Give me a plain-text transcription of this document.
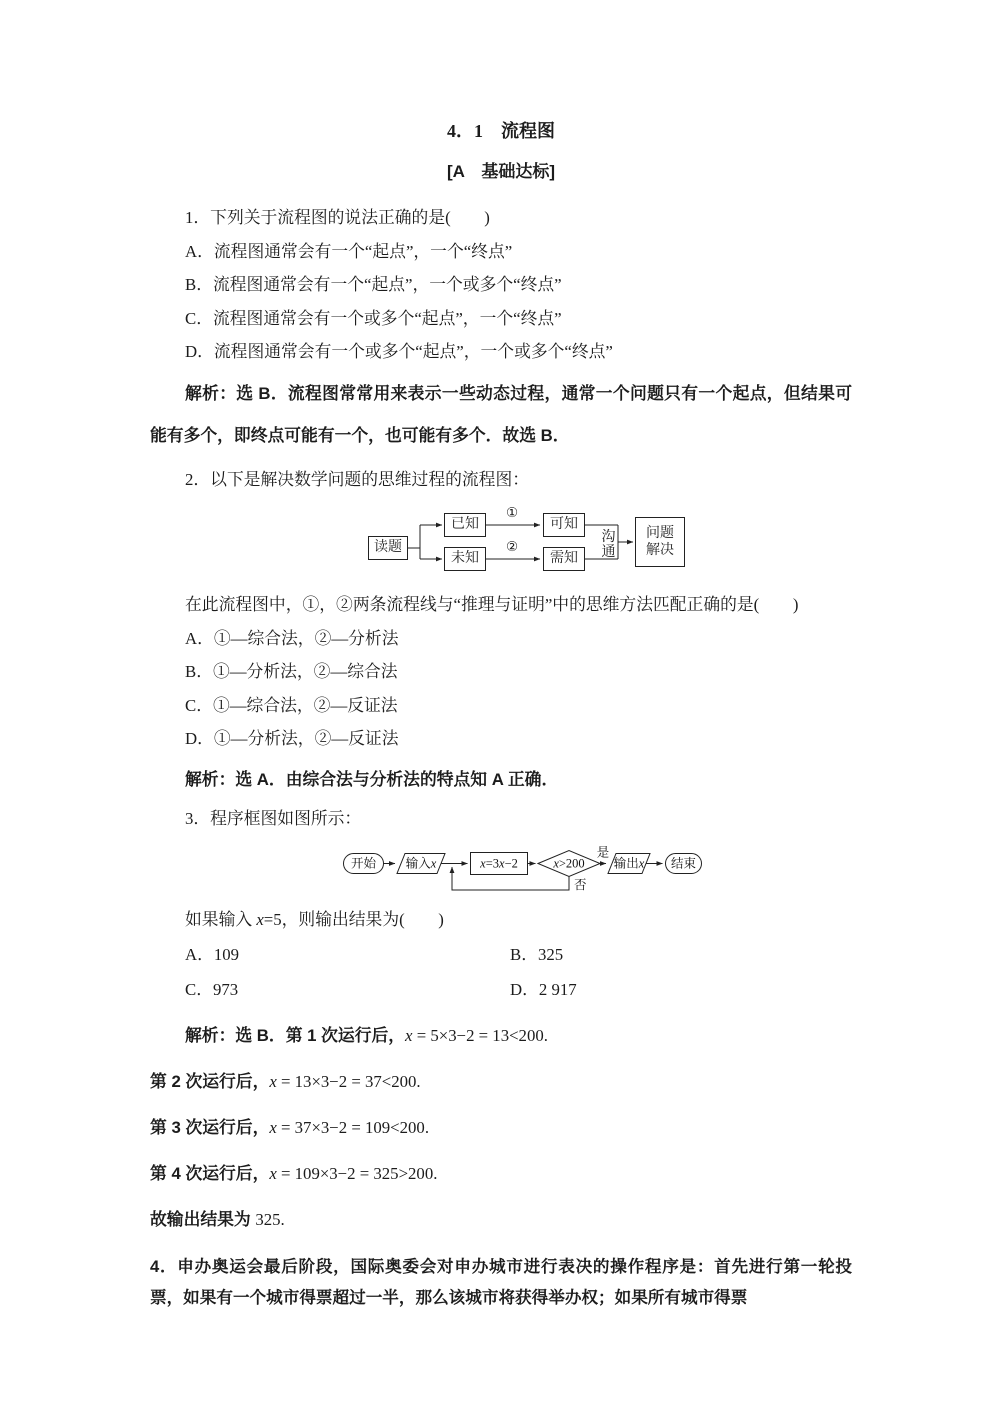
4．1　流程图
[A　基础达标]

1．下列关于流程图的说法正确的是(　　)

A．流程图通常会有一个“起点”，一个“终点”

B．流程图通常会有一个“起点”，一个或多个“终点”

C．流程图通常会有一个或多个“起点”，一个“终点”

D．流程图通常会有一个或多个“起点”，一个或多个“终点”

解析：选 B．流程图常常用来表示一些动态过程，通常一个问题只有一个起点，但结果可能有多个，即终点可能有一个，也可能有多个．故选 B．

2．以下是解决数学问题的思维过程的流程图：

读题
已知
未知
①
②
可知
需知
沟通
问题解决

在此流程图中，①，②两条流程线与“推理与证明”中的思维方法匹配正确的是(　　)

A．①—综合法，②—分析法

B．①—分析法，②—综合法

C．①—综合法，②—反证法

D．①—分析法，②—反证法

解析：选 A．由综合法与分析法的特点知 A 正确．

3．程序框图如图所示：

开始 输入x	x=3x−2	x>200
是
输出x 结束
否

如果输入 x=5，则输出结果为(　　)

A．109	B．325

C．973	D．2 917

解析：选 B．第 1 次运行后，x = 5×3−2 = 13<200.

第 2 次运行后，x = 13×3−2 = 37<200.

第 3 次运行后，x = 37×3−2 = 109<200.

第 4 次运行后，x = 109×3−2 = 325>200.

故输出结果为 325.

4．申办奥运会最后阶段，国际奥委会对申办城市进行表决的操作程序是：首先进行第一轮投票，如果有一个城市得票超过一半，那么该城市将获得举办权；如果所有城市得票
